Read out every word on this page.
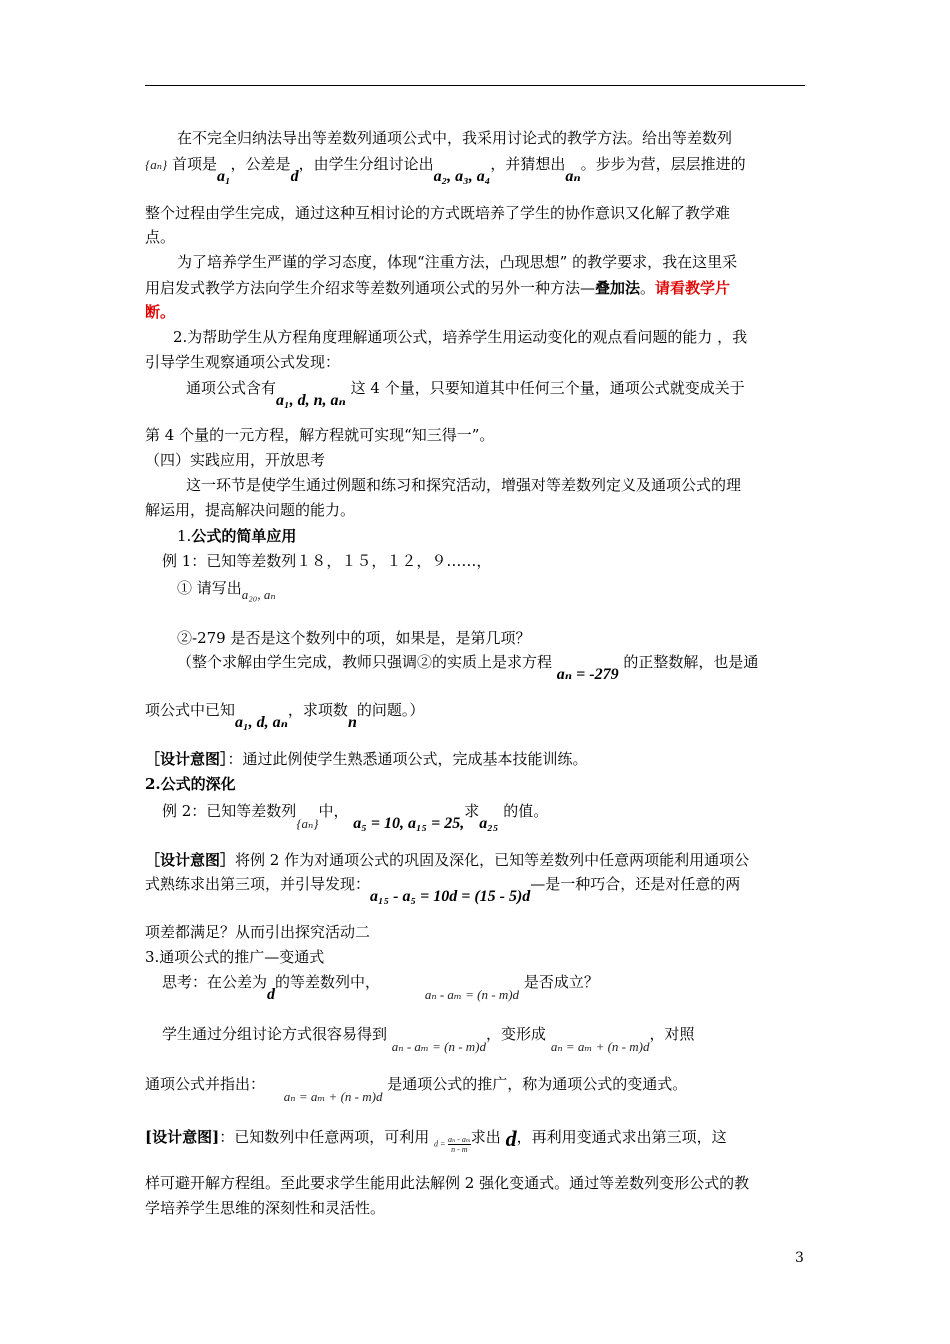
在不完全归纳法导出等差数列通项公式中，我采用讨论式的教学方法。给出等差数列
{aₙ} 首项是a₁，公差是d，由学生分组讨论出a₂, a₃, a₄，并猜想出aₙ。步步为营，层层推进的
整个过程由学生完成，通过这种互相讨论的方式既培养了学生的协作意识又化解了教学难
点。
为了培养学生严谨的学习态度，体现“注重方法，凸现思想” 的教学要求，我在这里采
用启发式教学方法向学生介绍求等差数列通项公式的另外一种方法—叠加法。请看教学片
断。
2.为帮助学生从方程角度理解通项公式，培养学生用运动变化的观点看问题的能力 ，我
引导学生观察通项公式发现：
通项公式含有a₁, d, n, aₙ 这 4 个量，只要知道其中任何三个量，通项公式就变成关于
第 4 个量的一元方程，解方程就可实现“知三得一”。
（四）实践应用，开放思考
这一环节是使学生通过例题和练习和探究活动，增强对等差数列定义及通项公式的理
解运用，提高解决问题的能力。
1.公式的简单应用
例 1：已知等差数列１８，１５，１２，９……，
① 请写出a₂₀, aₙ
②-279 是否是这个数列中的项，如果是，是第几项？
（整个求解由学生完成，教师只强调②的实质上是求方程 aₙ = -279 的正整数解，也是通
项公式中已知a₁, d, aₙ，求项数n的问题。）
［设计意图］：通过此例使学生熟悉通项公式，完成基本技能训练。
2.公式的深化
例 2：已知等差数列{aₙ}中， a₅ = 10, a₁₅ = 25,求a₂₅ 的值。
［设计意图］将例 2 作为对通项公式的巩固及深化，已知等差数列中任意两项能利用通项公
式熟练求出第三项，并引导发现：a₁₅ - a₅ = 10d = (15 - 5)d—是一种巧合，还是对任意的两
项差都满足？从而引出探究活动二
3.通项公式的推广—变通式
思考：在公差为d的等差数列中， aₙ - aₘ = (n - m)d 是否成立？
学生通过分组讨论方式很容易得到 aₙ - aₘ = (n - m)d，变形成 aₙ = aₘ + (n - m)d，对照
通项公式并指出： aₙ = aₘ + (n - m)d 是通项公式的推广，称为通项公式的变通式。
[设计意图]：已知数列中任意两项，可利用 $d = \frac{\text{aₙ - aₘ}}{n - m}$ 求出 d，再利用变通式求出第三项，这
样可避开解方程组。至此要求学生能用此法解例 2 强化变通式。通过等差数列变形公式的教
学培养学生思维的深刻性和灵活性。
3
